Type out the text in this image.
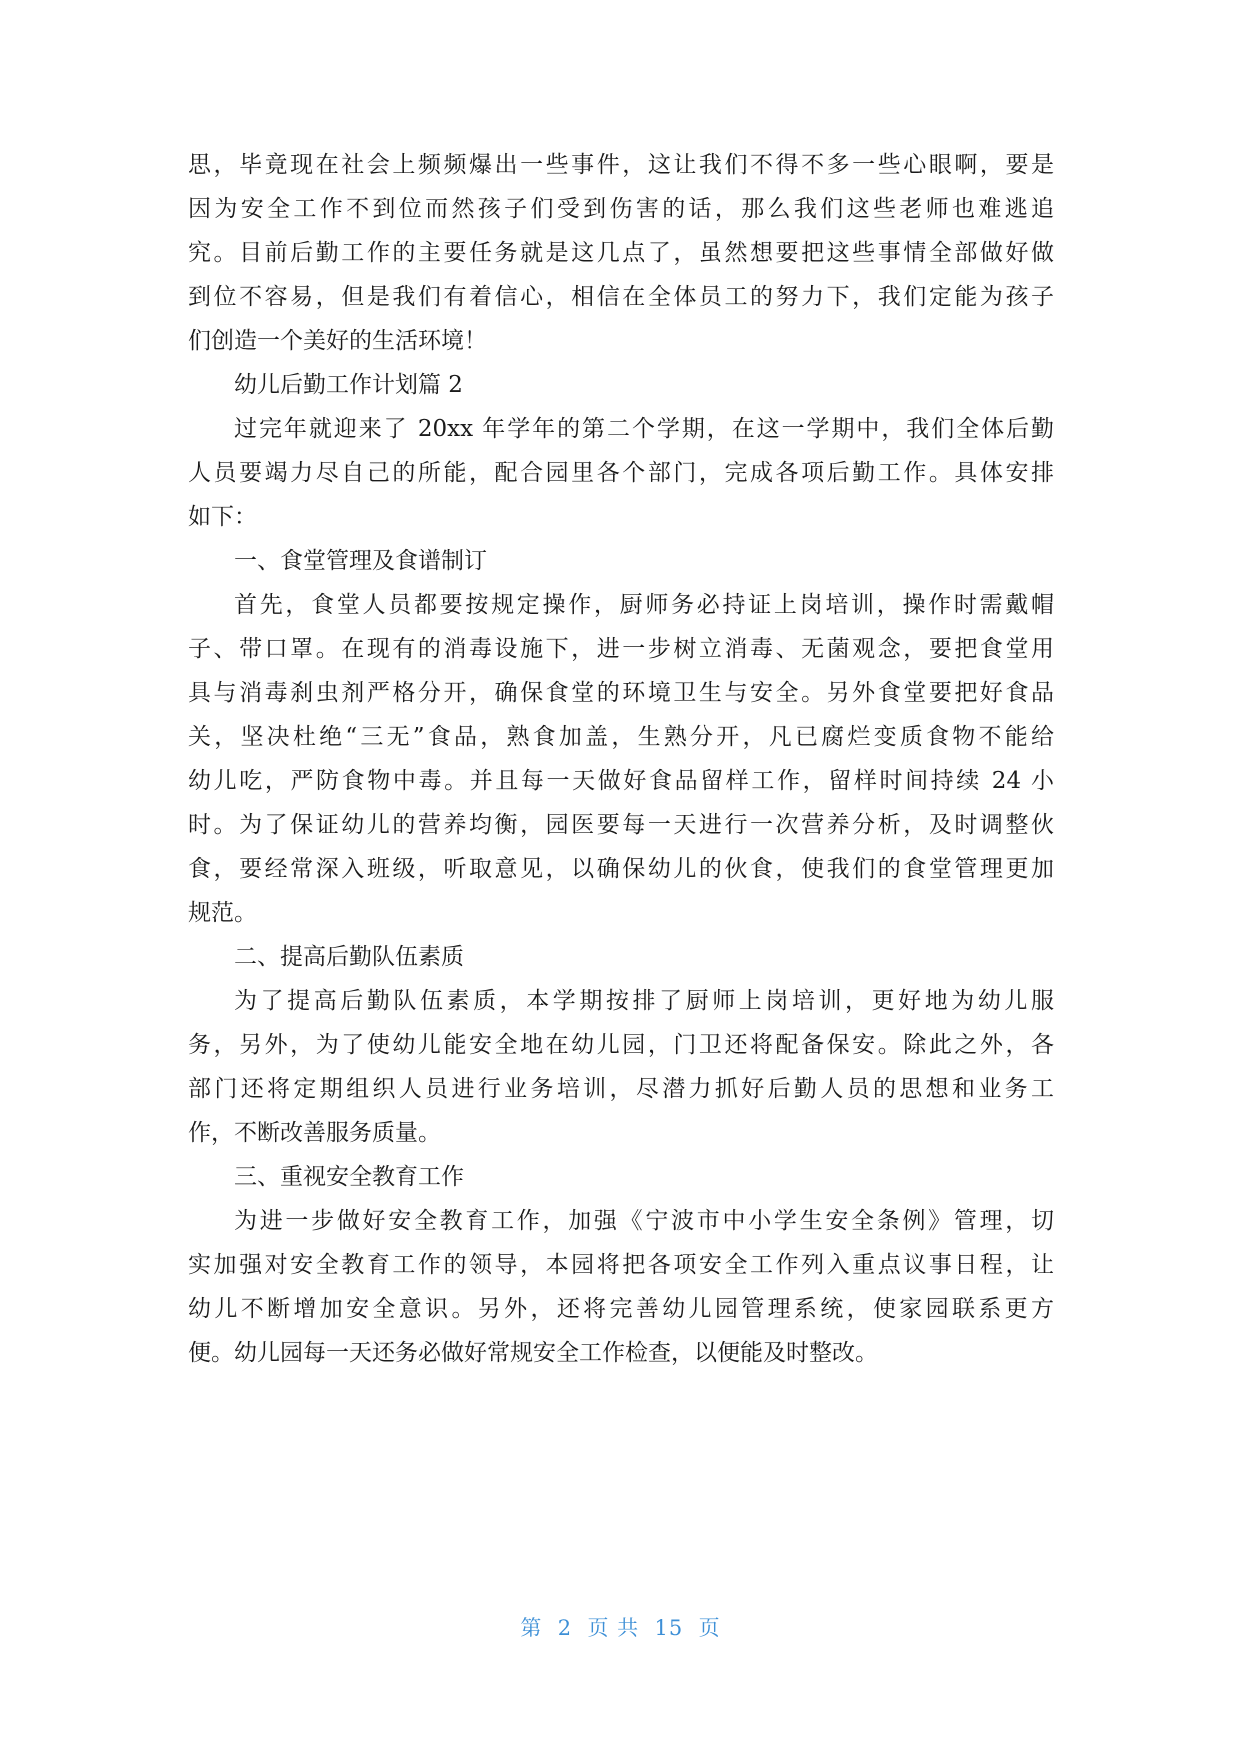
思，毕竟现在社会上频频爆出一些事件，这让我们不得不多一些心眼啊，要是
因为安全工作不到位而然孩子们受到伤害的话，那么我们这些老师也难逃追
究。目前后勤工作的主要任务就是这几点了，虽然想要把这些事情全部做好做
到位不容易，但是我们有着信心，相信在全体员工的努力下，我们定能为孩子
们创造一个美好的生活环境！
幼儿后勤工作计划篇 2
过完年就迎来了 20xx 年学年的第二个学期，在这一学期中，我们全体后勤
人员要竭力尽自己的所能，配合园里各个部门，完成各项后勤工作。具体安排
如下：
一、食堂管理及食谱制订
首先，食堂人员都要按规定操作，厨师务必持证上岗培训，操作时需戴帽
子、带口罩。在现有的消毒设施下，进一步树立消毒、无菌观念，要把食堂用
具与消毒刹虫剂严格分开，确保食堂的环境卫生与安全。另外食堂要把好食品
关，坚决杜绝“三无”食品，熟食加盖，生熟分开，凡已腐烂变质食物不能给
幼儿吃，严防食物中毒。并且每一天做好食品留样工作，留样时间持续 24 小
时。为了保证幼儿的营养均衡，园医要每一天进行一次营养分析，及时调整伙
食，要经常深入班级，听取意见，以确保幼儿的伙食，使我们的食堂管理更加
规范。
二、提高后勤队伍素质
为了提高后勤队伍素质，本学期按排了厨师上岗培训，更好地为幼儿服
务，另外，为了使幼儿能安全地在幼儿园，门卫还将配备保安。除此之外，各
部门还将定期组织人员进行业务培训，尽潜力抓好后勤人员的思想和业务工
作，不断改善服务质量。
三、重视安全教育工作
为进一步做好安全教育工作，加强《宁波市中小学生安全条例》管理，切
实加强对安全教育工作的领导，本园将把各项安全工作列入重点议事日程，让
幼儿不断增加安全意识。另外，还将完善幼儿园管理系统，使家园联系更方
便。幼儿园每一天还务必做好常规安全工作检查，以便能及时整改。
第  2  页 共  15  页
